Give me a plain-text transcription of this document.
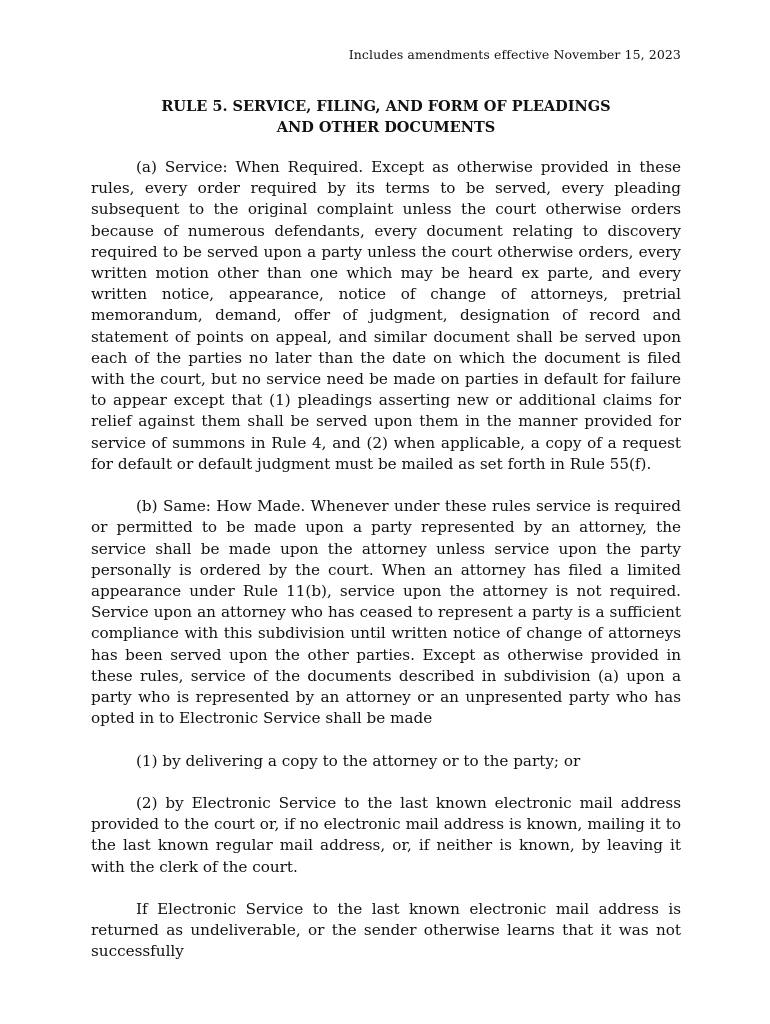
Includes amendments effective November 15, 2023
RULE 5. SERVICE, FILING, AND FORM OF PLEADINGS
AND OTHER DOCUMENTS

(a) Service: When Required. Except as otherwise provided in these rules, every order required by its terms to be served, every pleading subsequent to the original complaint unless the court otherwise orders because of numerous defendants, every document relating to discovery required to be served upon a party unless the court otherwise orders, every written motion other than one which may be heard ex parte, and every written notice, appearance, notice of change of attorneys, pretrial memorandum, demand, offer of judgment, designation of record and statement of points on appeal, and similar document shall be served upon each of the parties no later than the date on which the document is filed with the court, but no service need be made on parties in default for failure to appear except that (1) pleadings asserting new or additional claims for relief against them shall be served upon them in the manner provided for service of summons in Rule 4, and (2) when applicable, a copy of a request for default or default judgment must be mailed as set forth in Rule 55(f).

(b) Same: How Made. Whenever under these rules service is required or permitted to be made upon a party represented by an attorney, the service shall be made upon the attorney unless service upon the party personally is ordered by the court. When an attorney has filed a limited appearance under Rule 11(b), service upon the attorney is not required. Service upon an attorney who has ceased to represent a party is a sufficient compliance with this subdivision until written notice of change of attorneys has been served upon the other parties. Except as otherwise provided in these rules, service of the documents described in subdivision (a) upon a party who is represented by an attorney or an unpresented party who has opted in to Electronic Service shall be made

(1) by delivering a copy to the attorney or to the party; or

(2) by Electronic Service to the last known electronic mail address provided to the court or, if no electronic mail address is known, mailing it to the last known regular mail address, or, if neither is known, by leaving it with the clerk of the court.

If Electronic Service to the last known electronic mail address is returned as undeliverable, or the sender otherwise learns that it was not successfully
